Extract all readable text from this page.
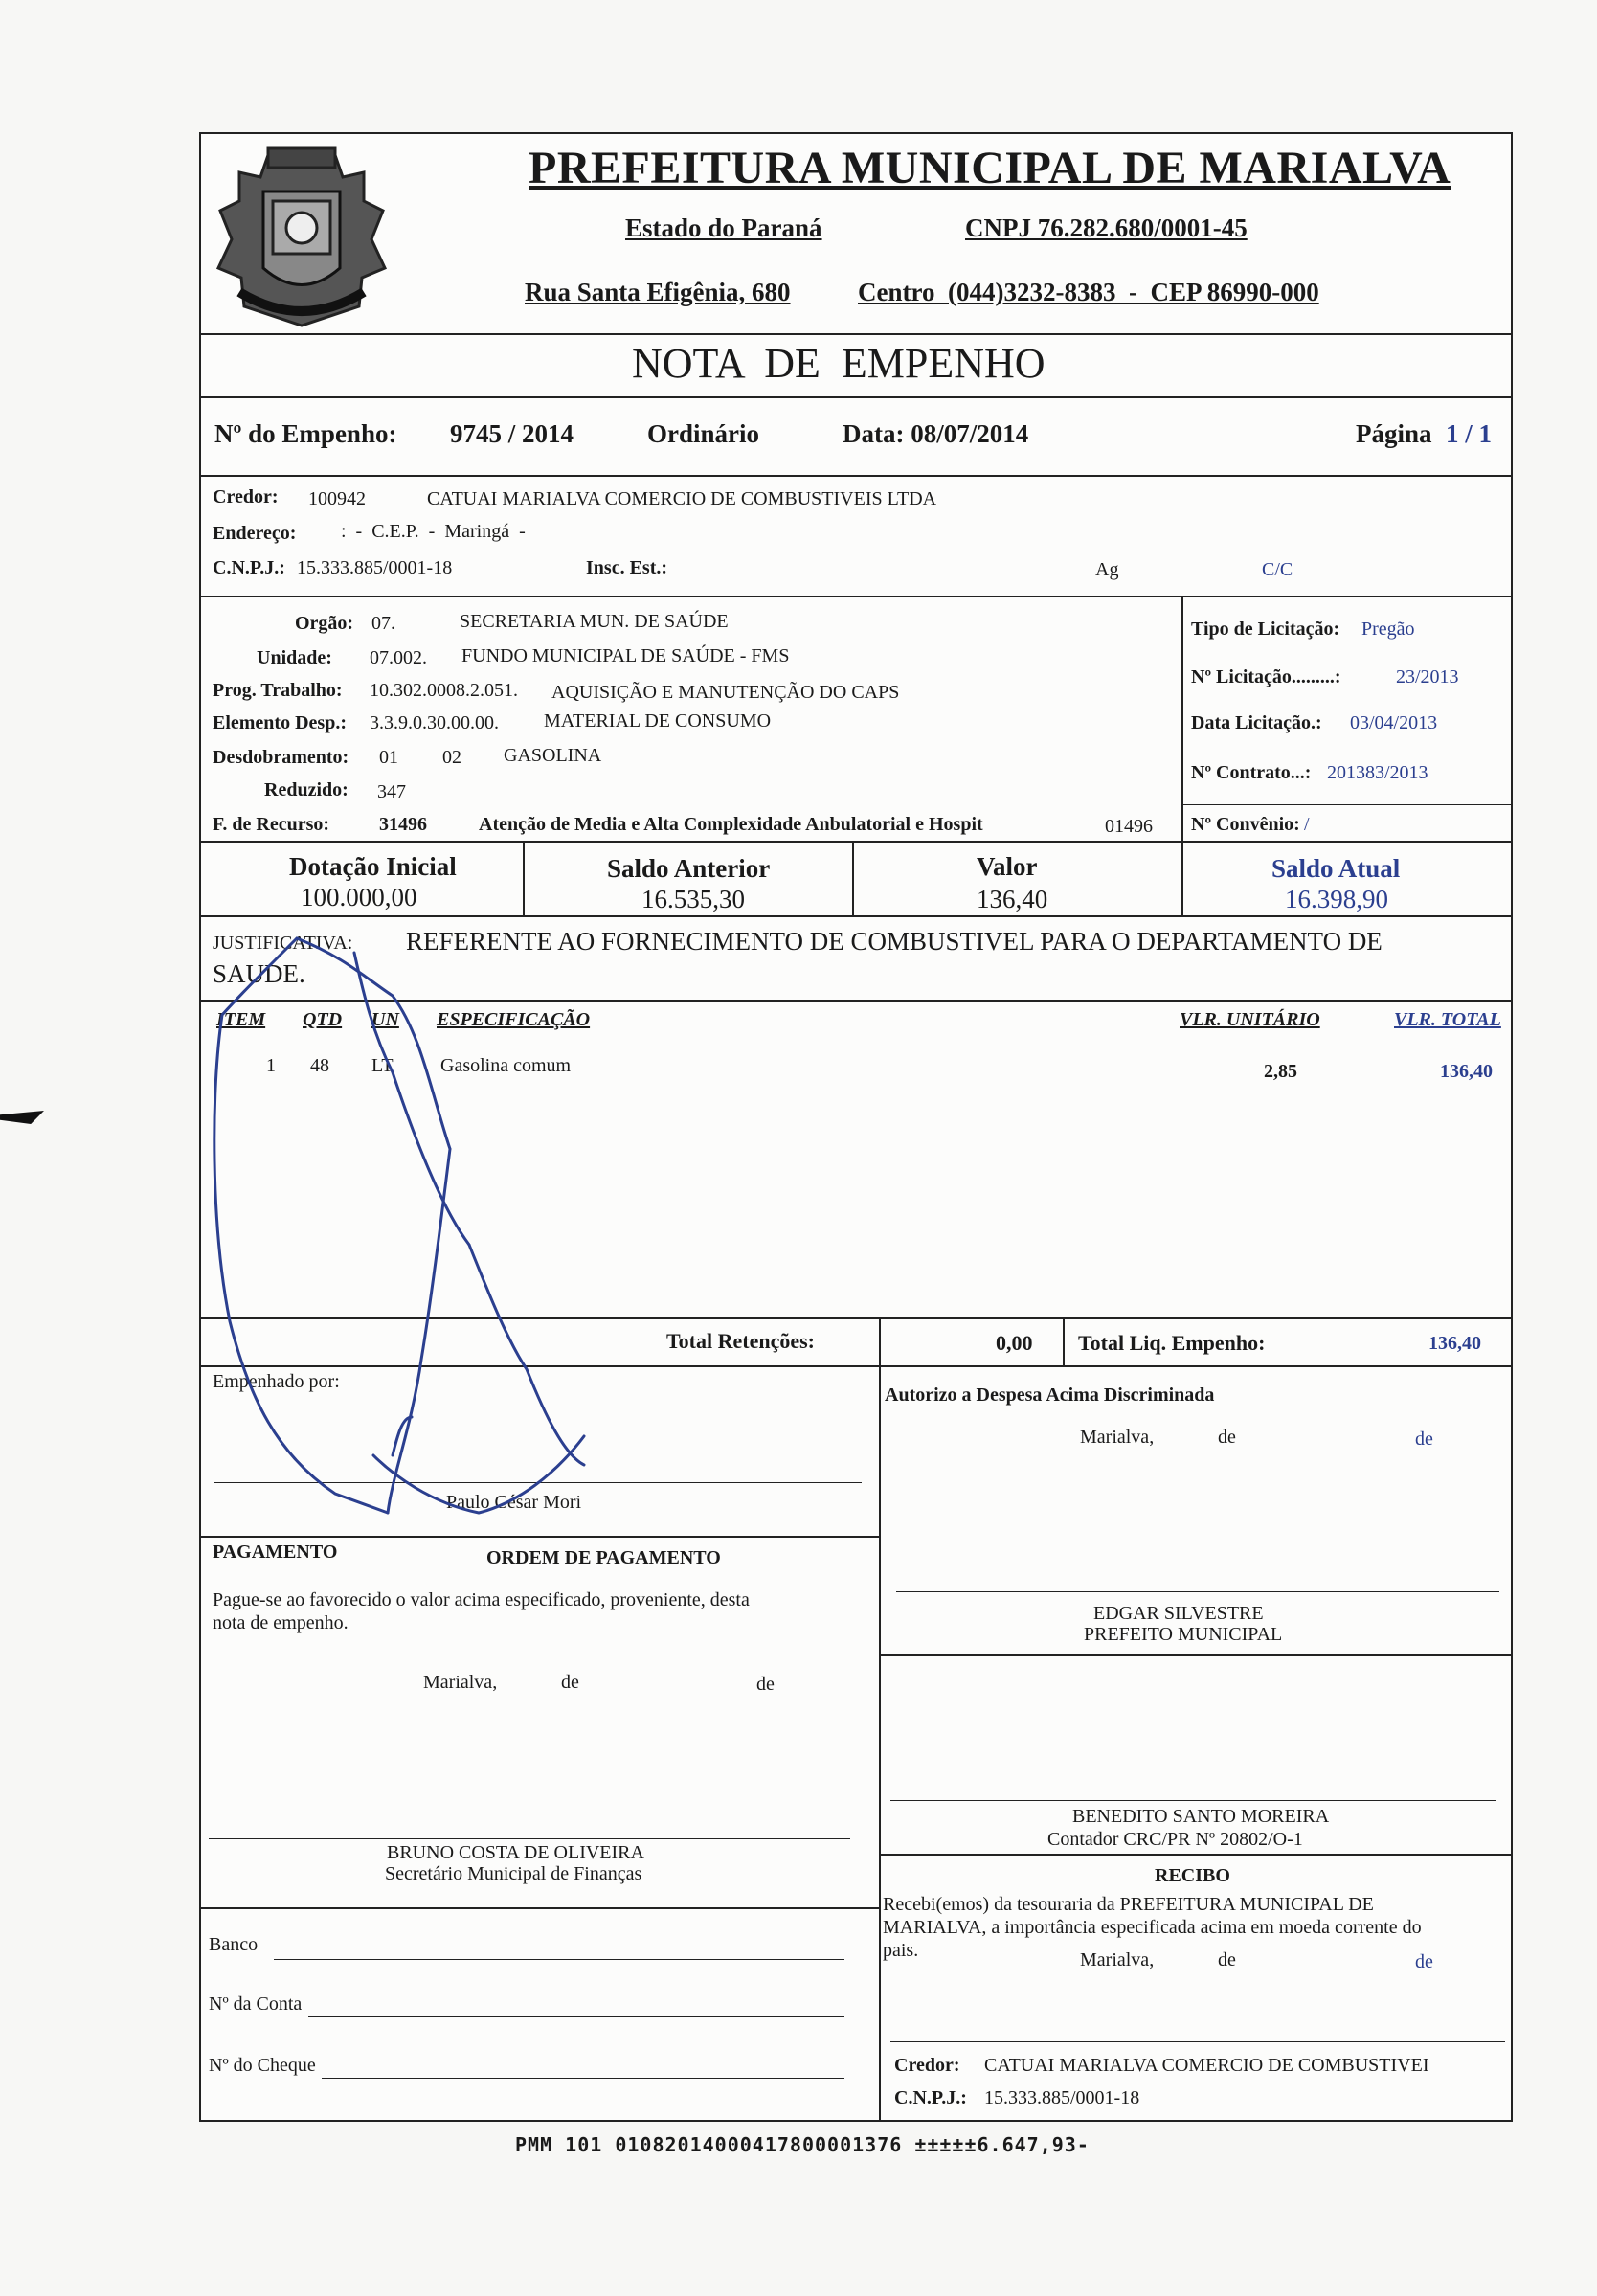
PREFEITURA MUNICIPAL DE MARIALVA
Estado do Paraná	CNPJ 76.282.680/0001-45
Rua Santa Efigênia, 680	Centro  (044)3232-8383  -  CEP 86990-000
NOTA  DE  EMPENHO
Nº do Empenho: 9745 / 2014	Ordinário	Data: 08/07/2014	Página 1 / 1
Credor: 100942	CATUAI MARIALVA COMERCIO DE COMBUSTIVEIS LTDA
Endereço: :  -  C.E.P.  -  Maringá  -
C.N.P.J.: 15.333.885/0001-18	Insc. Est.:	Ag	C/C
Orgão: 07.	SECRETARIA MUN. DE SAÚDE
Unidade: 07.002. FUNDO MUNICIPAL DE SAÚDE - FMS
Prog. Trabalho: 10.302.0008.2.051. AQUISIÇÃO E MANUTENÇÃO DO CAPS
Elemento Desp.: 3.3.9.0.30.00.00. MATERIAL DE CONSUMO
Desdobramento: 01 02 GASOLINA
Reduzido: 347
F. de Recurso:	31496	Atenção de Media e Alta Complexidade Anbulatorial e Hospit	01496
Tipo de Licitação: Pregão
Nº Licitação.........:	23/2013
Data Licitação.: 03/04/2013
Nº Contrato...: 201383/2013
Nº Convênio: /
Dotação Inicial
100.000,00
Saldo Anterior
16.535,30
Valor
136,40
Saldo Atual
16.398,90
JUSTIFICATIVA: REFERENTE AO FORNECIMENTO DE COMBUSTIVEL PARA O DEPARTAMENTO DE
SAUDE.
ITEM QTD UN ESPECIFICAÇÃO	VLR. UNITÁRIO	VLR. TOTAL
1 48 LT Gasolina comum	2,85	136,40
Total Retenções:	0,00 Total Liq. Empenho:	136,40
Empenhado por:
Paulo César Mori
Autorizo a Despesa Acima Discriminada
Marialva,	de	de
EDGAR SILVESTRE
PREFEITO MUNICIPAL
PAGAMENTO	ORDEM DE PAGAMENTO
Pague-se ao favorecido o valor acima especificado, proveniente, desta
nota de empenho.
Marialva,	de	de
BRUNO COSTA DE OLIVEIRA
Secretário Municipal de Finanças
BENEDITO SANTO MOREIRA
Contador CRC/PR Nº 20802/O-1
RECIBO
Recebi(emos) da tesouraria da PREFEITURA MUNICIPAL DE
MARIALVA, a importância especificada acima em moeda corrente do
pais.	Marialva,	de	de
Credor: CATUAI MARIALVA COMERCIO DE COMBUSTIVEI
C.N.P.J.: 15.333.885/0001-18
Banco
Nº da Conta
Nº do Cheque
PMM 101 01082014000417800001376 ±±±±±6.647,93-
